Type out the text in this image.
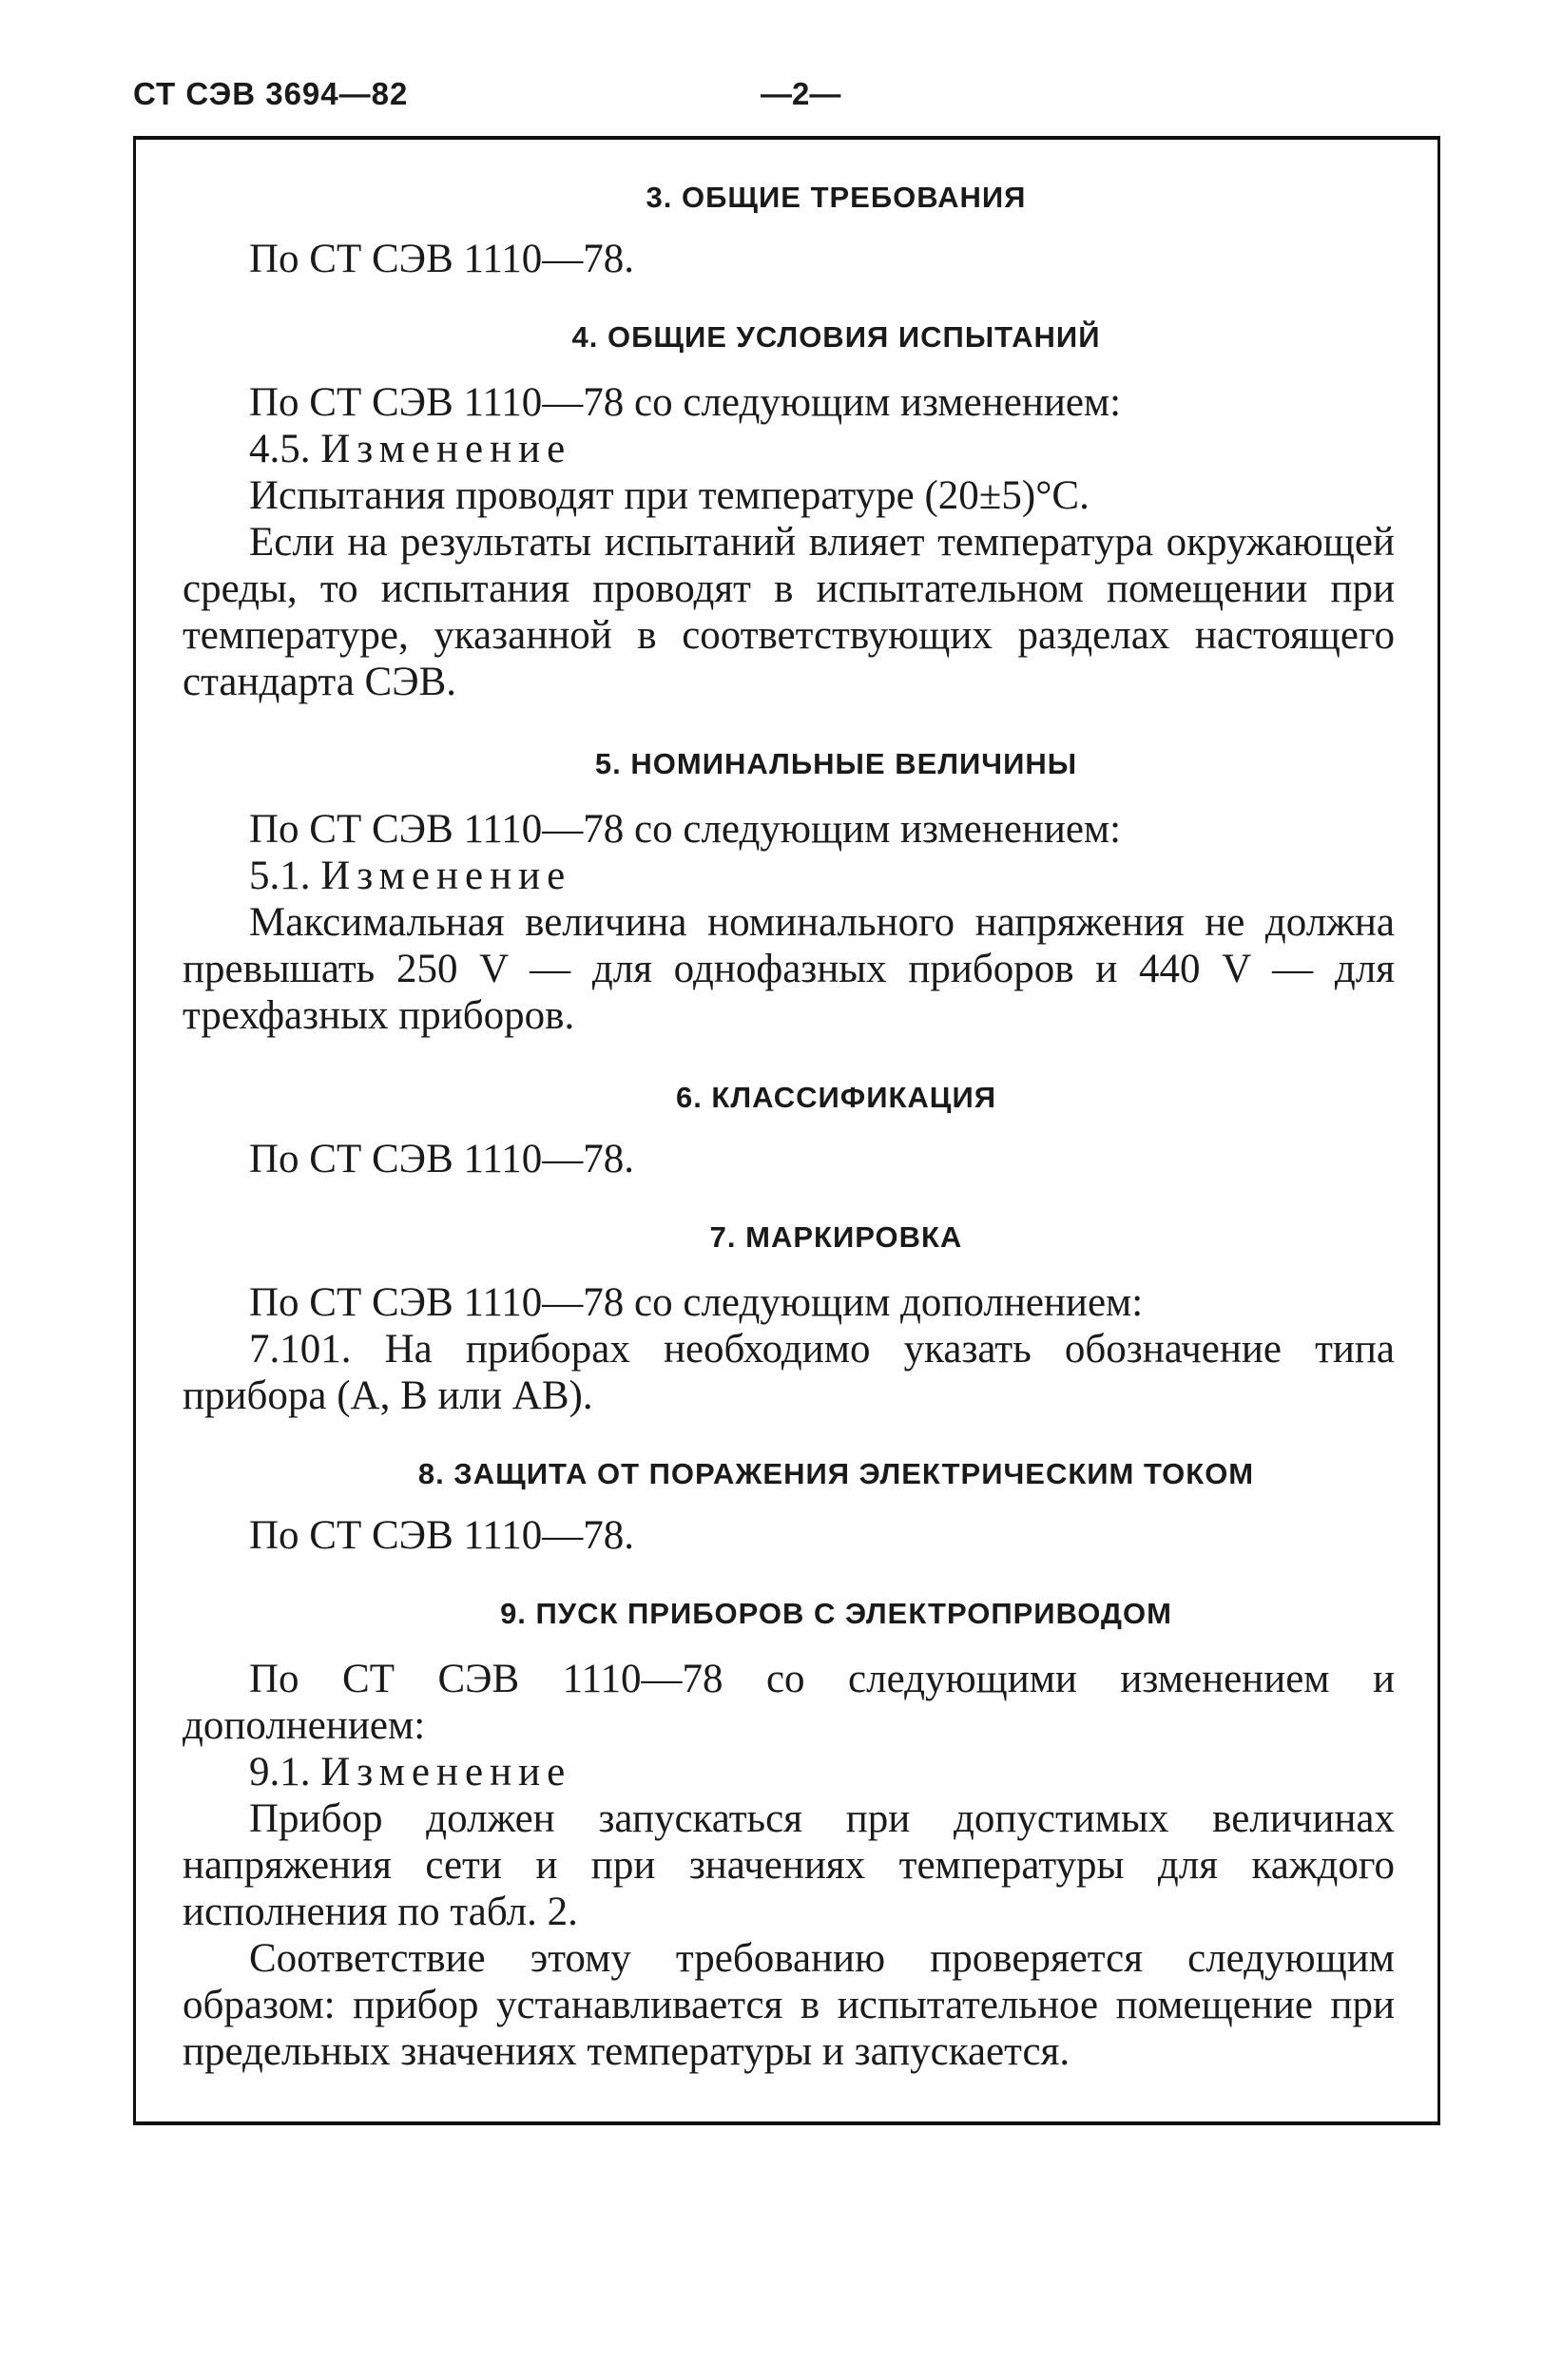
СТ СЭВ 3694—82	—2—
3. ОБЩИЕ ТРЕБОВАНИЯ

По СТ СЭВ 1110—78.

4. ОБЩИЕ УСЛОВИЯ ИСПЫТАНИЙ

По СТ СЭВ 1110—78 со следующим изменением:

4.5. Изменение

Испытания проводят при температуре (20±5)°С.

Если на результаты испытаний влияет температура окружающей среды, то испытания проводят в испытательном помещении при температуре, указанной в соответствующих разделах настоящего стандарта СЭВ.

5. НОМИНАЛЬНЫЕ ВЕЛИЧИНЫ

По СТ СЭВ 1110—78 со следующим изменением:

5.1. Изменение

Максимальная величина номинального напряжения не должна превышать 250 V — для однофазных приборов и 440 V — для трехфазных приборов.

6. КЛАССИФИКАЦИЯ

По СТ СЭВ 1110—78.

7. МАРКИРОВКА

По СТ СЭВ 1110—78 со следующим дополнением:

7.101. На приборах необходимо указать обозначение типа прибора (А, В или АВ).

8. ЗАЩИТА ОТ ПОРАЖЕНИЯ ЭЛЕКТРИЧЕСКИМ ТОКОМ

По СТ СЭВ 1110—78.

9. ПУСК ПРИБОРОВ С ЭЛЕКТРОПРИВОДОМ

По СТ СЭВ 1110—78 со следующими изменением и дополнением:

9.1. Изменение

Прибор должен запускаться при допустимых величинах напряжения сети и при значениях температуры для каждого исполнения по табл. 2.

Соответствие этому требованию проверяется следующим образом: прибор устанавливается в испытательное помещение при предельных значениях температуры и запускается.
